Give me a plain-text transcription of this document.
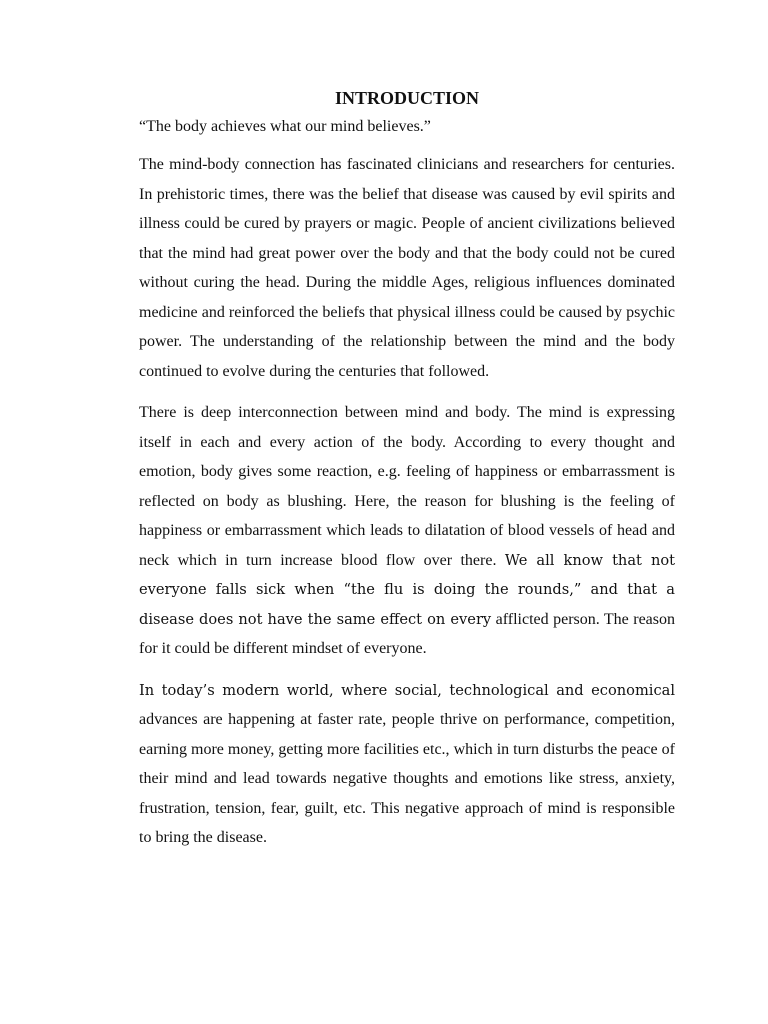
INTRODUCTION

“The body achieves what our mind believes.”

The mind-body connection has fascinated clinicians and researchers for centuries. In prehistoric times, there was the belief that disease was caused by evil spirits and illness could be cured by prayers or magic. People of ancient civilizations believed that the mind had great power over the body and that the body could not be cured without curing the head. During the middle Ages, religious influences dominated medicine and reinforced the beliefs that physical illness could be caused by psychic power. The understanding of the relationship between the mind and the body continued to evolve during the centuries that followed.

There is deep interconnection between mind and body. The mind is expressing itself in each and every action of the body. According to every thought and emotion, body gives some reaction, e.g. feeling of happiness or embarrassment is reflected on body as blushing. Here, the reason for blushing is the feeling of happiness or embarrassment which leads to dilatation of blood vessels of head and neck which in turn increase blood flow over there. We all know that not everyone falls sick when “the flu is doing the rounds,” and that a disease does not have the same effect on every afflicted person. The reason for it could be different mindset of everyone.

In today’s modern world, where social, technological and economical advances are happening at faster rate, people thrive on performance, competition, earning more money, getting more facilities etc., which in turn disturbs the peace of their mind and lead towards negative thoughts and emotions like stress, anxiety, frustration, tension, fear, guilt, etc. This negative approach of mind is responsible to bring the disease.
